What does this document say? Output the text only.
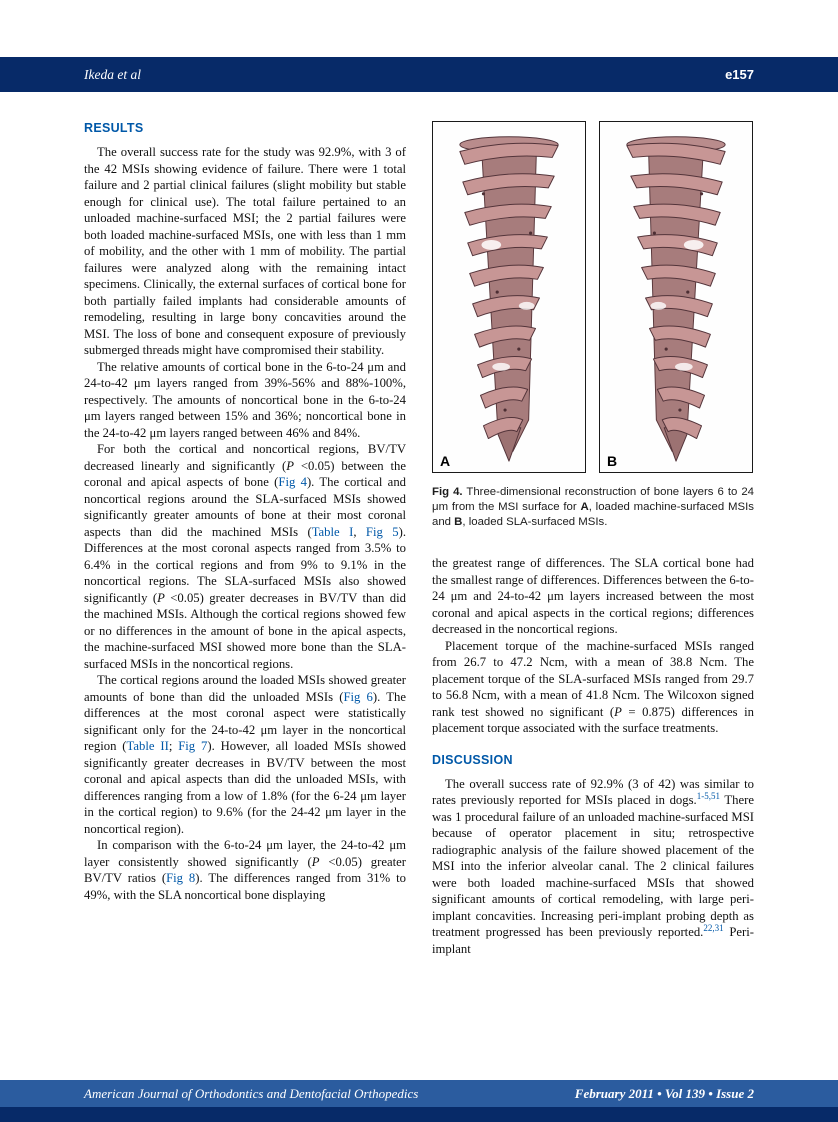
Ikeda et al	e157
RESULTS

The overall success rate for the study was 92.9%, with 3 of the 42 MSIs showing evidence of failure. There were 1 total failure and 2 partial clinical failures (slight mobility but stable enough for clinical use). The total failure pertained to an unloaded machine-surfaced MSI; the 2 partial failures were both loaded machine-surfaced MSIs, one with less than 1 mm of mobility, and the other with 1 mm of mobility. The partial failures were analyzed along with the remaining intact specimens. Clinically, the external surfaces of cortical bone for both partially failed implants had considerable amounts of remodeling, resulting in large bony concavities around the MSI. The loss of bone and consequent exposure of previously submerged threads might have compromised their stability.

The relative amounts of cortical bone in the 6-to-24 μm and 24-to-42 μm layers ranged from 39%-56% and 88%-100%, respectively. The amounts of noncortical bone in the 6-to-24 μm layers ranged between 15% and 36%; noncortical bone in the 24-to-42 μm layers ranged between 46% and 84%.

For both the cortical and noncortical regions, BV/TV decreased linearly and significantly (P <0.05) between the coronal and apical aspects of bone (Fig 4). The cortical and noncortical regions around the SLA-surfaced MSIs showed significantly greater amounts of bone at their most coronal aspects than did the machined MSIs (Table I, Fig 5). Differences at the most coronal aspects ranged from 3.5% to 6.4% in the cortical regions and from 9% to 9.1% in the noncortical regions. The SLA-surfaced MSIs also showed significantly (P <0.05) greater decreases in BV/TV than did the machined MSIs. Although the cortical regions showed few or no differences in the amount of bone in the apical aspects, the machine-surfaced MSI showed more bone than the SLA-surfaced MSIs in the noncortical regions.

The cortical regions around the loaded MSIs showed greater amounts of bone than did the unloaded MSIs (Fig 6). The differences at the most coronal aspect were statistically significant only for the 24-to-42 μm layer in the noncortical region (Table II; Fig 7). However, all loaded MSIs showed significantly greater decreases in BV/TV between the most coronal and apical aspects than did the unloaded MSIs, with differences ranging from a low of 1.8% (for the 6-24 μm layer in the cortical region) to 9.6% (for the 24-42 μm layer in the noncortical region).

In comparison with the 6-to-24 μm layer, the 24-to-42 μm layer consistently showed significantly (P <0.05) greater BV/TV ratios (Fig 8). The differences ranged from 31% to 49%, with the SLA noncortical bone displaying

A	B

Fig 4. Three-dimensional reconstruction of bone layers 6 to 24 μm from the MSI surface for A, loaded machine-surfaced MSIs and B, loaded SLA-surfaced MSIs.

the greatest range of differences. The SLA cortical bone had the smallest range of differences. Differences between the 6-to-24 μm and 24-to-42 μm layers increased between the most coronal and apical aspects in the cortical regions; differences decreased in the noncortical regions.

Placement torque of the machine-surfaced MSIs ranged from 26.7 to 47.2 Ncm, with a mean of 38.8 Ncm. The placement torque of the SLA-surfaced MSIs ranged from 29.7 to 56.8 Ncm, with a mean of 41.8 Ncm. The Wilcoxon signed rank test showed no significant (P = 0.875) differences in placement torque associated with the surface treatments.

DISCUSSION

The overall success rate of 92.9% (3 of 42) was similar to rates previously reported for MSIs placed in dogs.$^{1-5,51}$ There was 1 procedural failure of an unloaded machine-surfaced MSI because of operator placement in situ; retrospective radiographic analysis of the failure showed placement of the MSI into the inferior alveolar canal. The 2 clinical failures were both loaded machine-surfaced MSIs that showed significant amounts of cortical remodeling, with large peri-implant concavities. Increasing peri-implant probing depth as treatment progressed has been previously reported.$^{22,31}$ Peri-implant

American Journal of Orthodontics and Dentofacial Orthopedics	February 2011 • Vol 139 • Issue 2
